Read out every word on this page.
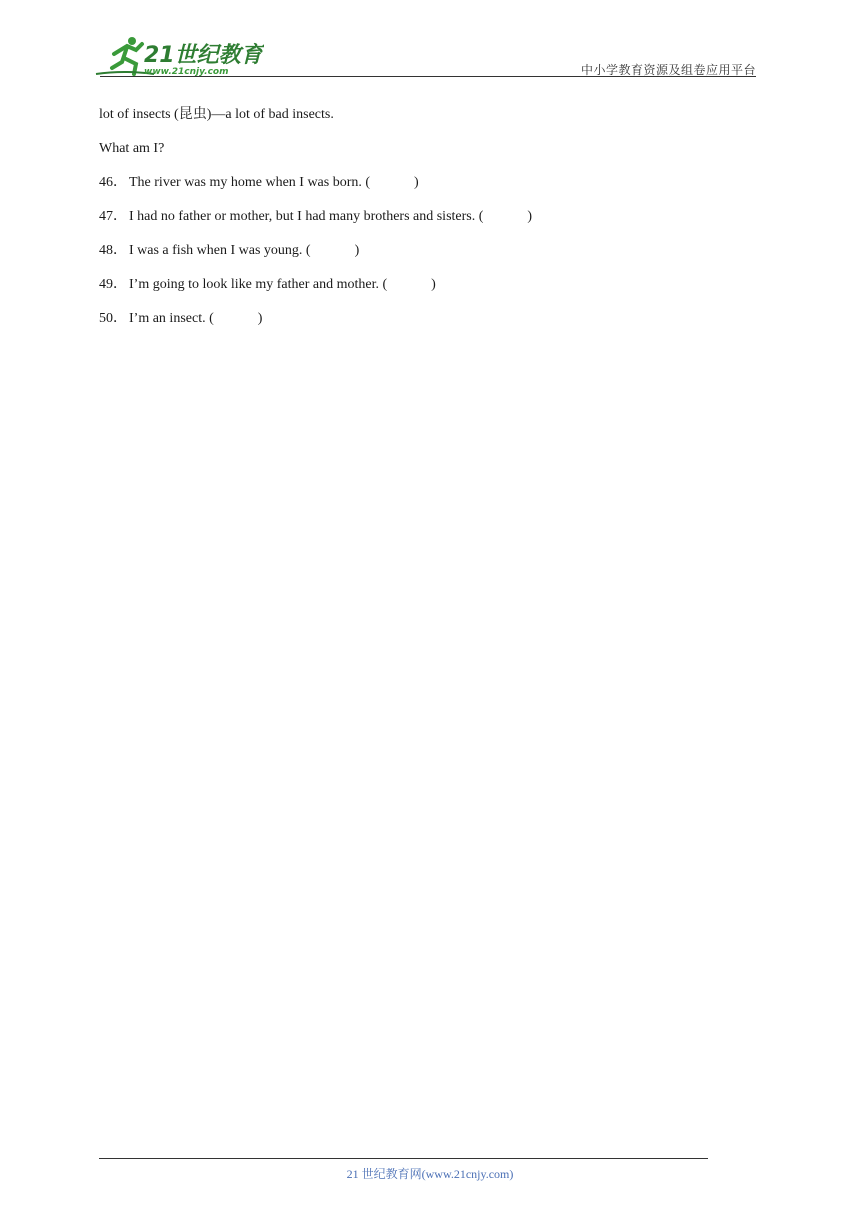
21世纪教育
www.21cnjy.com	中小学教育资源及组卷应用平台
lot of insects (昆虫)—a lot of bad insects.
What am I?
46． The river was my home when I was born. (	)
47． I had no father or mother, but I had many brothers and sisters. (	)
48． I was a fish when I was young. (	)
49． I’m going to look like my father and mother. (	)
50． I’m an insect. (	)
21 世纪教育网(www.21cnjy.com)
